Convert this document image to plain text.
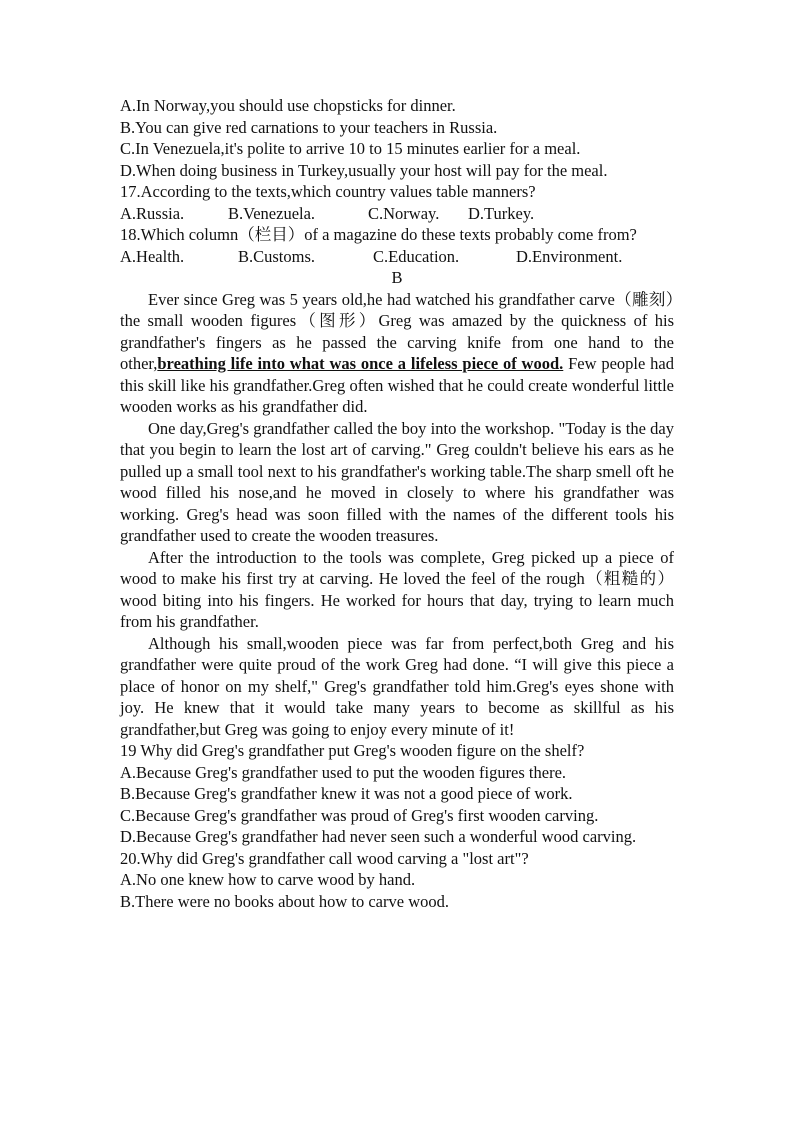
A.In Norway,you should use chopsticks for dinner.
B.You can give red carnations to your teachers in Russia.
C.In Venezuela,it's polite to arrive 10 to 15 minutes earlier for a meal.
D.When doing business in Turkey,usually your host will pay for the meal.
17.According to the texts,which country values table manners?
A.Russia.	B.Venezuela.	C.Norway.	D.Turkey.
18.Which column（栏目）of a magazine do these texts probably come from?
A.Health.	B.Customs.	C.Education.	D.Environment.
B
Ever since Greg was 5 years old,he had watched his grandfather carve（雕刻）the small wooden figures（图形）Greg was amazed by the quickness of his grandfather's fingers as he passed the carving knife from one hand to the other,breathing life into what was once a lifeless piece of wood. Few people had this skill like his grandfather.Greg often wished that he could create wonderful little wooden works as his grandfather did.
One day,Greg's grandfather called the boy into the workshop. "Today is the day that you begin to learn the lost art of carving." Greg couldn't believe his ears as he pulled up a small tool next to his grandfather's working table.The sharp smell oft he wood filled his nose,and he moved in closely to where his grandfather was working. Greg's head was soon filled with the names of the different tools his grandfather used to create the wooden treasures.
After the introduction to the tools was complete, Greg picked up a piece of wood to make his first try at carving. He loved the feel of the rough（粗糙的）wood biting into his fingers. He worked for hours that day, trying to learn much from his grandfather.
Although his small,wooden piece was far from perfect,both Greg and his grandfather were quite proud of the work Greg had done. “I will give this piece a place of honor on my shelf," Greg's grandfather told him.Greg's eyes shone with joy. He knew that it would take many years to become as skillful as his grandfather,but Greg was going to enjoy every minute of it!
19 Why did Greg's grandfather put Greg's wooden figure on the shelf?
A.Because Greg's grandfather used to put the wooden figures there.
B.Because Greg's grandfather knew it was not a good piece of work.
C.Because Greg's grandfather was proud of Greg's first wooden carving.
D.Because Greg's grandfather had never seen such a wonderful wood carving.
20.Why did Greg's grandfather call wood carving a "lost art"?
A.No one knew how to carve wood by hand.
B.There were no books about how to carve wood.
